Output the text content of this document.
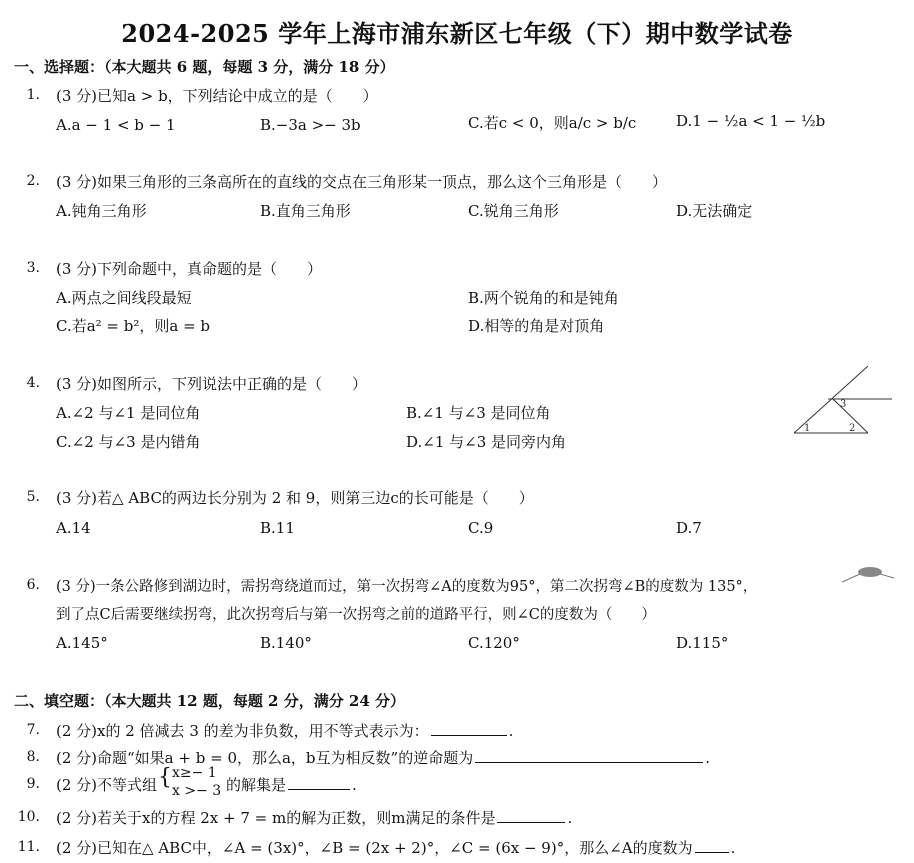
2024-2025 学年上海市浦东新区七年级（下）期中数学试卷
一、选择题：（本大题共 6 题，每题 3 分，满分 18 分）
1. (3 分)已知a > b，下列结论中成立的是（　　）
A.a − 1 < b − 1	B.−3a >− 3b	C.若c < 0，则a/c > b/c	D.1 − ½a < 1 − ½b
2. (3 分)如果三角形的三条高所在的直线的交点在三角形某一顶点，那么这个三角形是（　　）
A.钝角三角形	B.直角三角形	C.锐角三角形	D.无法确定
3. (3 分)下列命题中，真命题的是（　　）
A.两点之间线段最短	B.两个锐角的和是钝角
C.若a² = b²，则a = b	D.相等的角是对顶角
4. (3 分)如图所示，下列说法中正确的是（　　）
A.∠2 与∠1 是同位角	B.∠1 与∠3 是同位角
C.∠2 与∠3 是内错角	D.∠1 与∠3 是同旁内角
3
1	2
5. (3 分)若△ ABC的两边长分别为 2 和 9，则第三边c的长可能是（　　）
A.14	B.11	C.9	D.7
6. (3 分)一条公路修到湖边时，需拐弯绕道而过，第一次拐弯∠A的度数为95°，第二次拐弯∠B的度数为 135°，
到了点C后需要继续拐弯，此次拐弯后与第一次拐弯之前的道路平行，则∠C的度数为（　　）
A.145°	B.140°	C.120°	D.115°
二、填空题：（本大题共 12 题，每题 2 分，满分 24 分）
7. (2 分)x的 2 倍减去 3 的差为非负数，用不等式表示为：	.
8. (2 分)命题“如果a + b = 0，那么a，b互为相反数”的逆命题为	.
9. (2 分)不等式组 { x≥− 1
x >− 3 的解集是	.
10. (2 分)若关于x的方程 2x + 7 = m的解为正数，则m满足的条件是	.
11. (2 分)已知在△ ABC中，∠A = (3x)°，∠B = (2x + 2)°，∠C = (6x − 9)°，那么∠A的度数为	.
